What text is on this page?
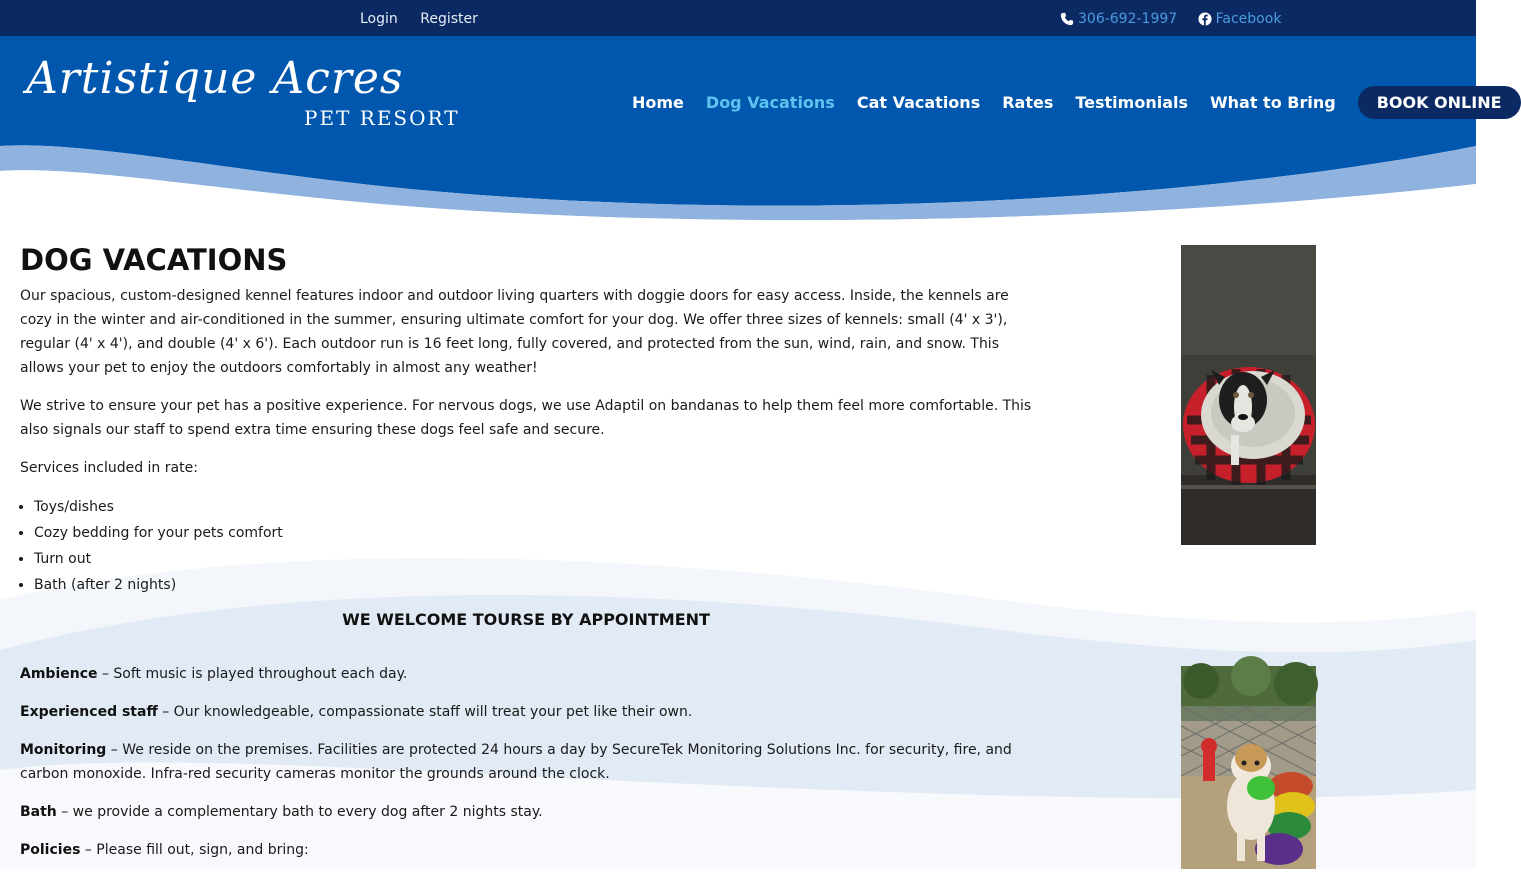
Login Register	306-692-1997
	Facebook
Artistique Acres
PET RESORT
Home Dog Vacations Cat Vacations Rates Testimonials What to Bring	BOOK ONLINE
DOG VACATIONS

Our spacious, custom-designed kennel features indoor and outdoor living quarters with doggie doors for easy access. Inside, the kennels are cozy in the winter and air-conditioned in the summer, ensuring ultimate comfort for your dog. We offer three sizes of kennels: small (4' x 3'), regular (4' x 4'), and double (4' x 6'). Each outdoor run is 16 feet long, fully covered, and protected from the sun, wind, rain, and snow. This allows your pet to enjoy the outdoors comfortably in almost any weather!

We strive to ensure your pet has a positive experience. For nervous dogs, we use Adaptil on bandanas to help them feel more comfortable. This also signals our staff to spend extra time ensuring these dogs feel safe and secure.

Services included in rate:

• Toys/dishes
• Cozy bedding for your pets comfort
• Turn out
• Bath (after 2 nights)
WE WELCOME TOURSE BY APPOINTMENT

Ambience – Soft music is played throughout each day.

Experienced staff – Our knowledgeable, compassionate staff will treat your pet like their own.

Monitoring – We reside on the premises. Facilities are protected 24 hours a day by SecureTek Monitoring Solutions Inc. for security, fire, and carbon monoxide. Infra-red security cameras monitor the grounds around the clock.

Bath – we provide a complementary bath to every dog after 2 nights stay.

Policies – Please fill out, sign, and bring:
